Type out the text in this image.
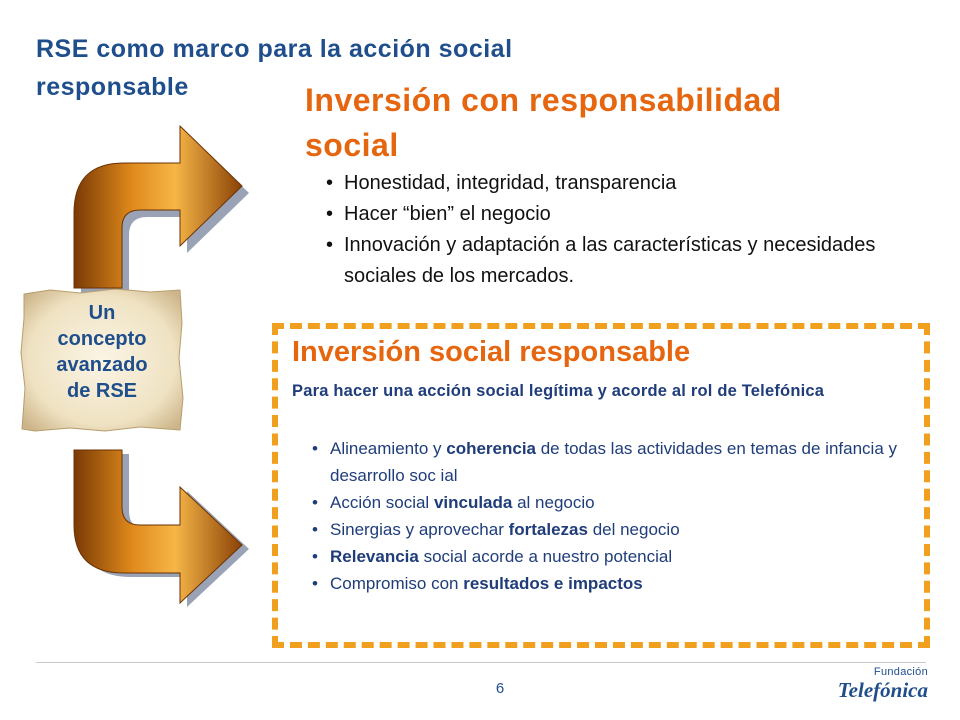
RSE como marco para la acción social
responsable
Un
concepto
avanzado
de RSE
Inversión con responsabilidad
social
• Honestidad, integridad, transparencia
• Hacer “bien” el negocio
• Innovación y adaptación a las características y necesidades sociales de los mercados.
Inversión social responsable
Para hacer una acción social legítima y acorde al rol de Telefónica
• Alineamiento y coherencia de todas las actividades en temas de infancia y desarrollo soc ial
• Acción social vinculada al negocio
• Sinergias y aprovechar fortalezas del negocio
• Relevancia social acorde a nuestro potencial
• Compromiso con resultados e impactos
6
Fundación
Telefónica
